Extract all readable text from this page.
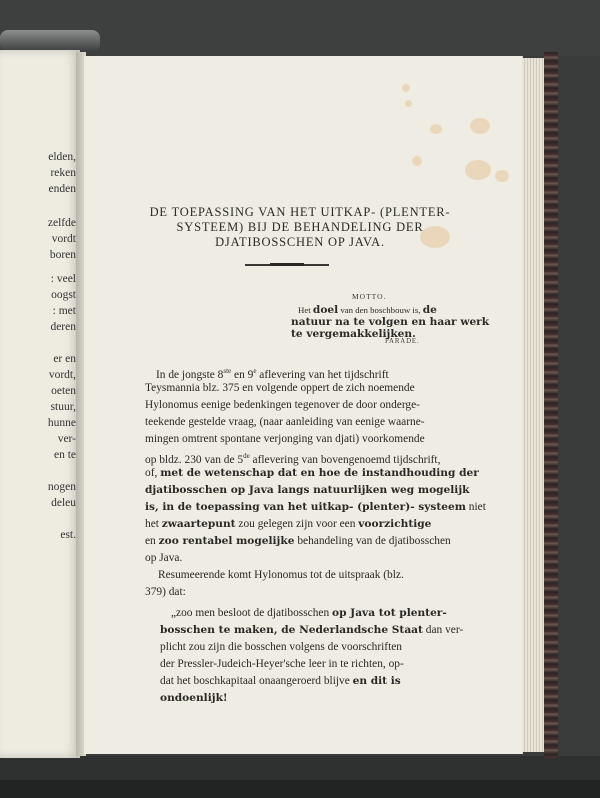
elden,
reken
enden
zelfde
vordt
boren
: veel
oogst
: met
deren
er en
vordt,
oeten
stuur,
hunne
ver-
en te
nogen
deleu
est.
DE TOEPASSING VAN HET UITKAP- (PLENTER-
SYSTEEM) BIJ DE BEHANDELING DER
DJATIBOSSCHEN OP JAVA.
MOTTO.
Het doel van den boschbouw is, de
natuur na te volgen en haar werk
te vergemakkelijken.
PARADE.
In de jongste 8ste en 9e aflevering van het tijdschrift
Teysmannia blz. 375 en volgende oppert de zich noemende
Hylonomus eenige bedenkingen tegenover de door onderge-
teekende gestelde vraag, (naar aanleiding van eenige waarne-
mingen omtrent spontane verjonging van djati) voorkomende
op bldz. 230 van de 5de aflevering van bovengenoemd tijdschrift,
of, met de wetenschap dat en hoe de instandhouding der
djatibosschen op Java langs natuurlijken weg mogelijk
is, in de toepassing van het uitkap- (plenter)- systeem niet
het zwaartepunt zou gelegen zijn voor een voorzichtige
en zoo rentabel mogelijke behandeling van de djatibosschen
op Java.
Resumeerende komt Hylonomus tot de uitspraak (blz.
379) dat:
„zoo men besloot de djatibosschen op Java tot plenter-
bosschen te maken, de Nederlandsche Staat dan ver-
plicht zou zijn die bosschen volgens de voorschriften
der Pressler-Judeich-Heyer'sche leer in te richten, op-
dat het boschkapitaal onaangeroerd blijve en dit is
ondoenlijk!
